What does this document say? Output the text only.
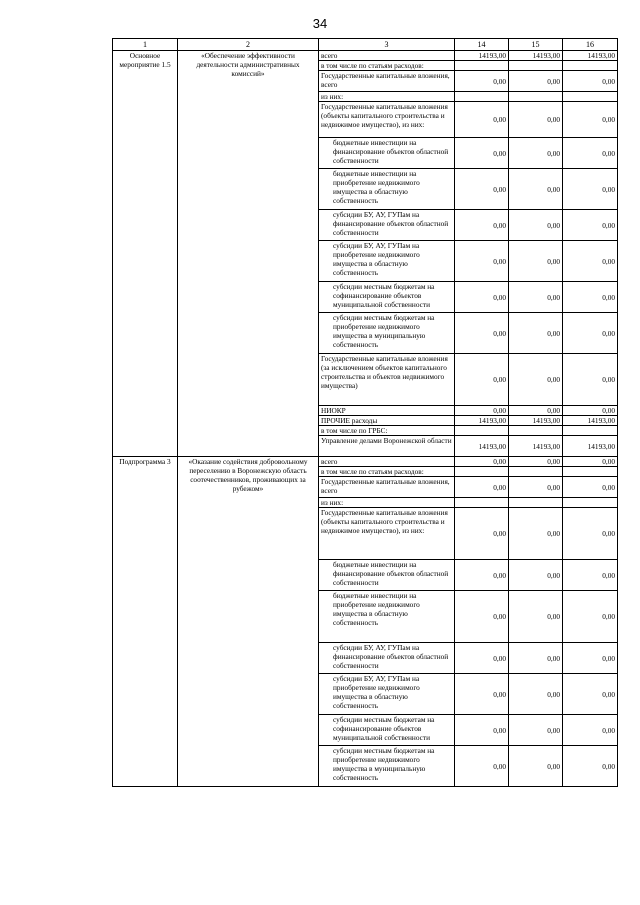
34
1	2	3	14	15	16
Основное мероприятие 1.5	«Обеспечение эффективности деятельности административных комиссий»	всего	14193,00	14193,00	14193,00
		в том числе по статьям расходов:			
		Государственные капитальные вложения, всего	0,00	0,00	0,00
		из них:			
		Государственные капитальные вложения (объекты капитального строительства и недвижимое имущество), из них:	0,00	0,00	0,00
		бюджетные инвестиции на финансирование объектов областной собственности	0,00	0,00	0,00
		бюджетные инвестиции на приобретение недвижимого имущества в областную собственность	0,00	0,00	0,00
		субсидии БУ, АУ, ГУПам на финансирование объектов областной собственности	0,00	0,00	0,00
		субсидии БУ, АУ, ГУПам на приобретение недвижимого имущества в областную собственность	0,00	0,00	0,00
		субсидии местным бюджетам на софинансирование объектов муниципальной собственности	0,00	0,00	0,00
		субсидии местным бюджетам на приобретение недвижимого имущества в муниципальную собственность	0,00	0,00	0,00
		Государственные капитальные вложения (за исключением объектов капитального строительства и объектов недвижимого имущества)	0,00	0,00	0,00
		НИОКР	0,00	0,00	0,00
		ПРОЧИЕ расходы	14193,00	14193,00	14193,00
		в том числе по ГРБС:			
		Управление делами Воронежской области	14193,00	14193,00	14193,00
Подпрограмма 3	«Оказание содействия добровольному переселению в Воронежскую область соотечественников, проживающих за рубежом»	всего	0,00	0,00	0,00
		в том числе по статьям расходов:			
		Государственные капитальные вложения, всего	0,00	0,00	0,00
		из них:			
		Государственные капитальные вложения (объекты капитального строительства и недвижимое имущество), из них:	0,00	0,00	0,00
		бюджетные инвестиции на финансирование объектов областной собственности	0,00	0,00	0,00
		бюджетные инвестиции на приобретение недвижимого имущества в областную собственность	0,00	0,00	0,00
		субсидии БУ, АУ, ГУПам на финансирование объектов областной собственности	0,00	0,00	0,00
		субсидии БУ, АУ, ГУПам на приобретение недвижимого имущества в областную собственность	0,00	0,00	0,00
		субсидии местным бюджетам на софинансирование объектов муниципальной собственности	0,00	0,00	0,00
		субсидии местным бюджетам на приобретение недвижимого имущества в муниципальную собственность	0,00	0,00	0,00
